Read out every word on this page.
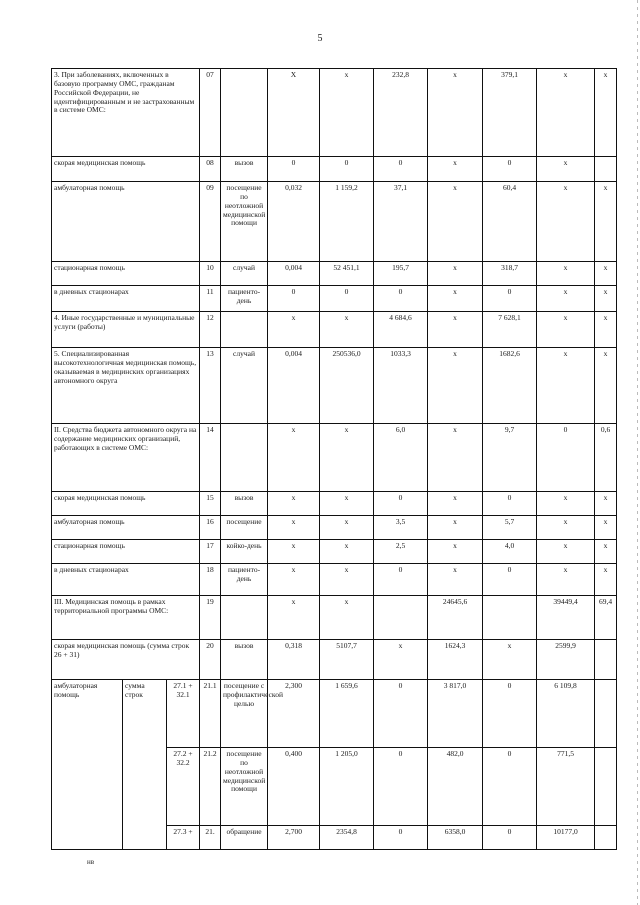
5
3. При заболеваниях, включенных в базовую программу ОМС, гражданам Российской Федерации, не идентифицированным и не застрахованным в системе ОМС:			07		Х	х	232,8	х	379,1	х	х
скорая медицинская помощь			08	вызов	0	0	0	х	0	х	
амбулаторная помощь			09	посещение по неотложной медицинской помощи	0,032	1 159,2	37,1	х	60,4	х	х
стационарная помощь			10	случай	0,004	52 451,1	195,7	х	318,7	х	х
в дневных стационарах			11	пациенто-день	0	0	0	х	0	х	х
4. Иные государственные и муниципальные услуги (работы)			12		х	х	4 684,6	х	7 628,1	х	х
5. Специализированная высокотехнологичная медицинская помощь, оказываемая в медицинских организациях автономного округа			13	случай	0,004	250536,0	1033,3	х	1682,6	х	х
II. Средства бюджета автономного округа на содержание медицинских организаций, работающих в системе ОМС:			14		х	х	6,0	х	9,7	0	0,6
скорая медицинская помощь			15	вызов	х	х	0	х	0	х	х
амбулаторная помощь			16	посещение	х	х	3,5	х	5,7	х	х
стационарная помощь			17	койко-день	х	х	2,5	х	4,0	х	х
в дневных стационарах			18	пациенто-день	х	х	0	х	0	х	х
III. Медицинская помощь в рамках территориальной программы ОМС:			19		х	х		24645,6		39449,4	69,4
скорая медицинская помощь (сумма строк 26 + 31)			20	вызов	0,318	5107,7	х	1624,3	х	2599,9	
амбулаторная помощь	сумма строк	27.1 + 32.1	21.1	посещение с профилактической целью	2,300	1 659,6	0	3 817,0	0	6 109,8	
		27.2 + 32.2	21.2	посещение по неотложной медицинской помощи	0,400	1 205,0	0	482,0	0	771,5	
		27.3 +	21.	обращение	2,700	2354,8	0	6358,0	0	10177,0	
нв
